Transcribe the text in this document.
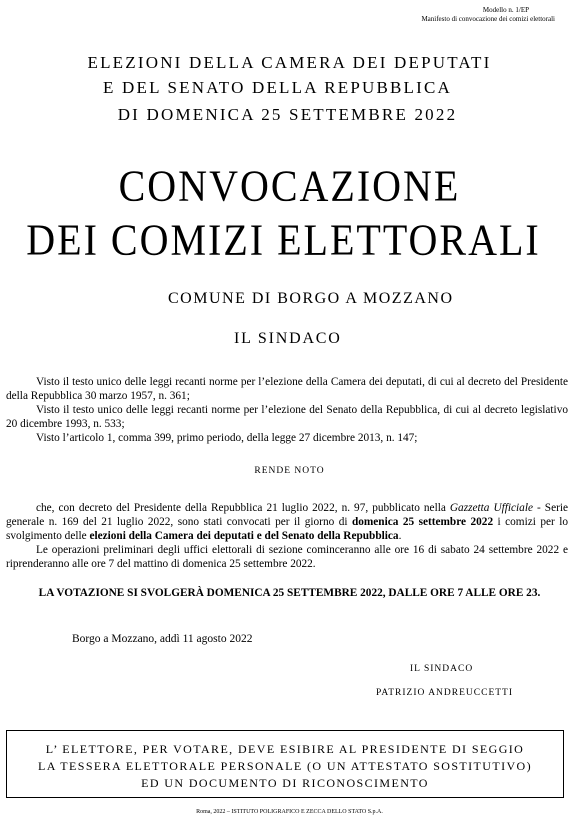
Modello n. 1/EP
Manifesto di convocazione dei comizi elettorali
ELEZIONI DELLA CAMERA DEI DEPUTATI
E DEL SENATO DELLA REPUBBLICA
DI DOMENICA 25 SETTEMBRE 2022
CONVOCAZIONE
DEI COMIZI ELETTORALI
COMUNE DI BORGO A MOZZANO
IL SINDACO

Visto il testo unico delle leggi recanti norme per l’elezione della Camera dei deputati, di cui al decreto del Presidente della Repubblica 30 marzo 1957, n. 361;

Visto il testo unico delle leggi recanti norme per l’elezione del Senato della Repubblica, di cui al decreto legislativo 20 dicembre 1993, n. 533;

Visto l’articolo 1, comma 399, primo periodo, della legge 27 dicembre 2013, n. 147;

RENDE NOTO

che, con decreto del Presidente della Repubblica 21 luglio 2022, n. 97, pubblicato nella Gazzetta Ufficiale - Serie generale n. 169 del 21 luglio 2022, sono stati convocati per il giorno di domenica 25 settembre 2022 i comizi per lo svolgimento delle elezioni della Camera dei deputati e del Senato della Repubblica.

Le operazioni preliminari degli uffici elettorali di sezione cominceranno alle ore 16 di sabato 24 settembre 2022 e riprenderanno alle ore 7 del mattino di domenica 25 settembre 2022.

LA VOTAZIONE SI SVOLGERÀ DOMENICA 25 SETTEMBRE 2022, DALLE ORE 7 ALLE ORE 23.
Borgo a Mozzano, addì 11 agosto 2022
IL SINDACO
PATRIZIO ANDREUCCETTI
L’ ELETTORE, PER VOTARE, DEVE ESIBIRE AL PRESIDENTE DI SEGGIO
LA TESSERA ELETTORALE PERSONALE (O UN ATTESTATO SOSTITUTIVO)
ED UN DOCUMENTO DI RICONOSCIMENTO
Roma, 2022 – ISTITUTO POLIGRAFICO E ZECCA DELLO STATO S.p.A.
